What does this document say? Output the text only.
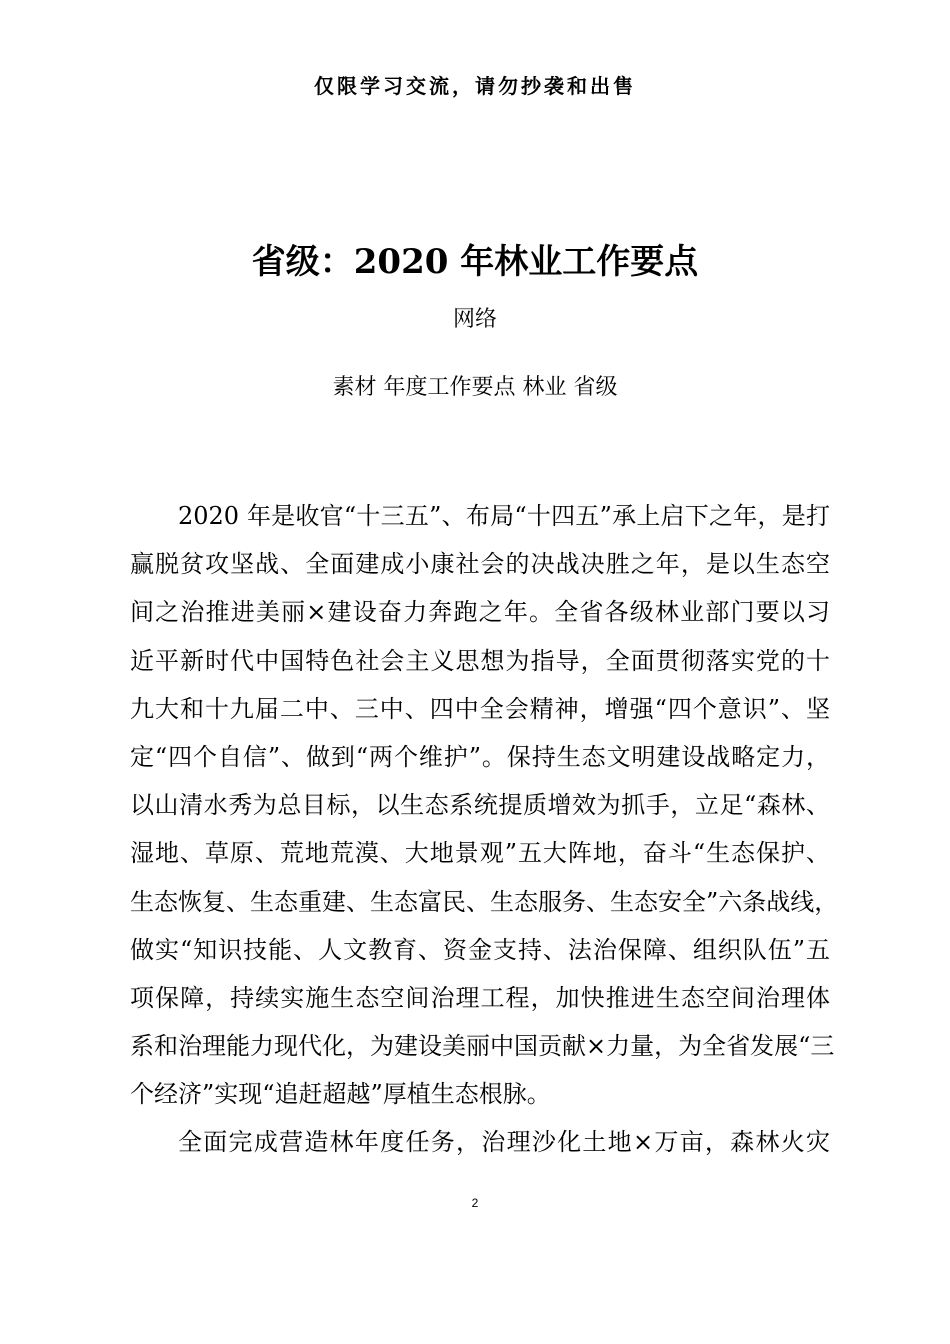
仅限学习交流，请勿抄袭和出售
省级：2020 年林业工作要点
网络
素材 年度工作要点 林业 省级
2020 年是收官“十三五”、布局“十四五”承上启下之年，是打
赢脱贫攻坚战、全面建成小康社会的决战决胜之年，是以生态空
间之治推进美丽×建设奋力奔跑之年。全省各级林业部门要以习
近平新时代中国特色社会主义思想为指导，全面贯彻落实党的十
九大和十九届二中、三中、四中全会精神，增强“四个意识”、坚
定“四个自信”、做到“两个维护”。保持生态文明建设战略定力，
以山清水秀为总目标，以生态系统提质增效为抓手，立足“森林、
湿地、草原、荒地荒漠、大地景观”五大阵地，奋斗“生态保护、
生态恢复、生态重建、生态富民、生态服务、生态安全”六条战线，
做实“知识技能、人文教育、资金支持、法治保障、组织队伍”五
项保障，持续实施生态空间治理工程，加快推进生态空间治理体
系和治理能力现代化，为建设美丽中国贡献×力量，为全省发展“三
个经济”实现“追赶超越”厚植生态根脉。
全面完成营造林年度任务，治理沙化土地×万亩，森林火灾
2
